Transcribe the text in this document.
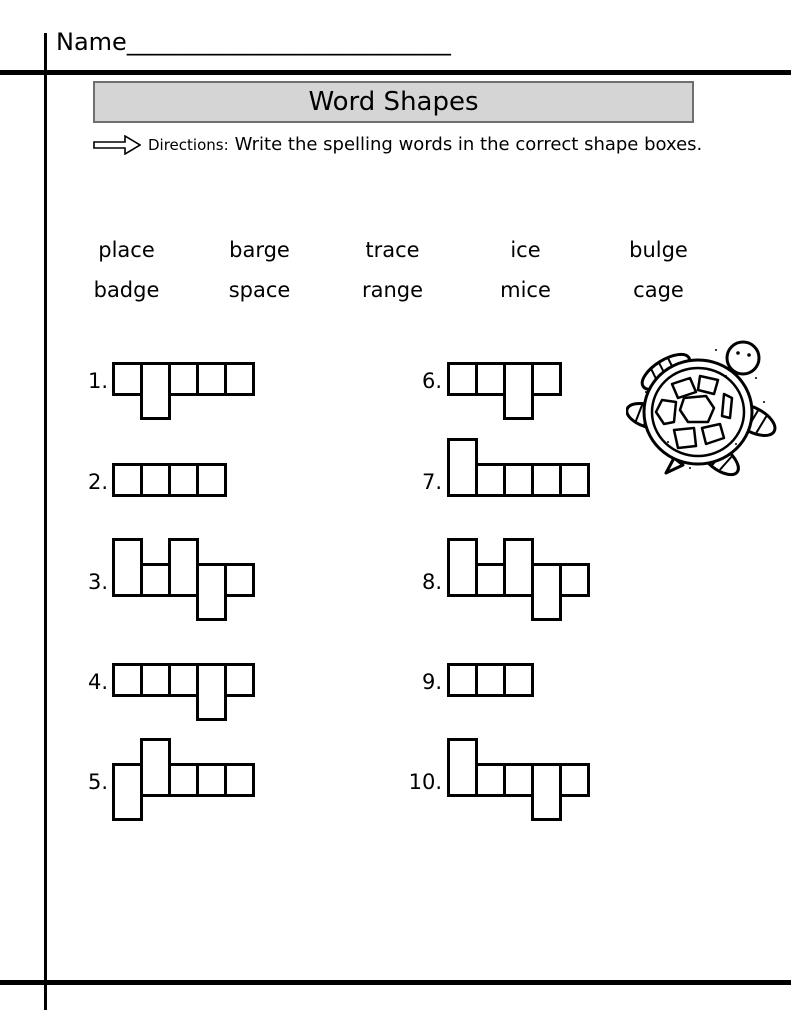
Name___________________________
Word Shapes
Directions: Write the spelling words in the correct shape boxes.
place	barge	trace	ice	bulge
badge	space	range	mice	cage
1.
2.
3.
4.
5.
6.
7.
8.
9.
10.
